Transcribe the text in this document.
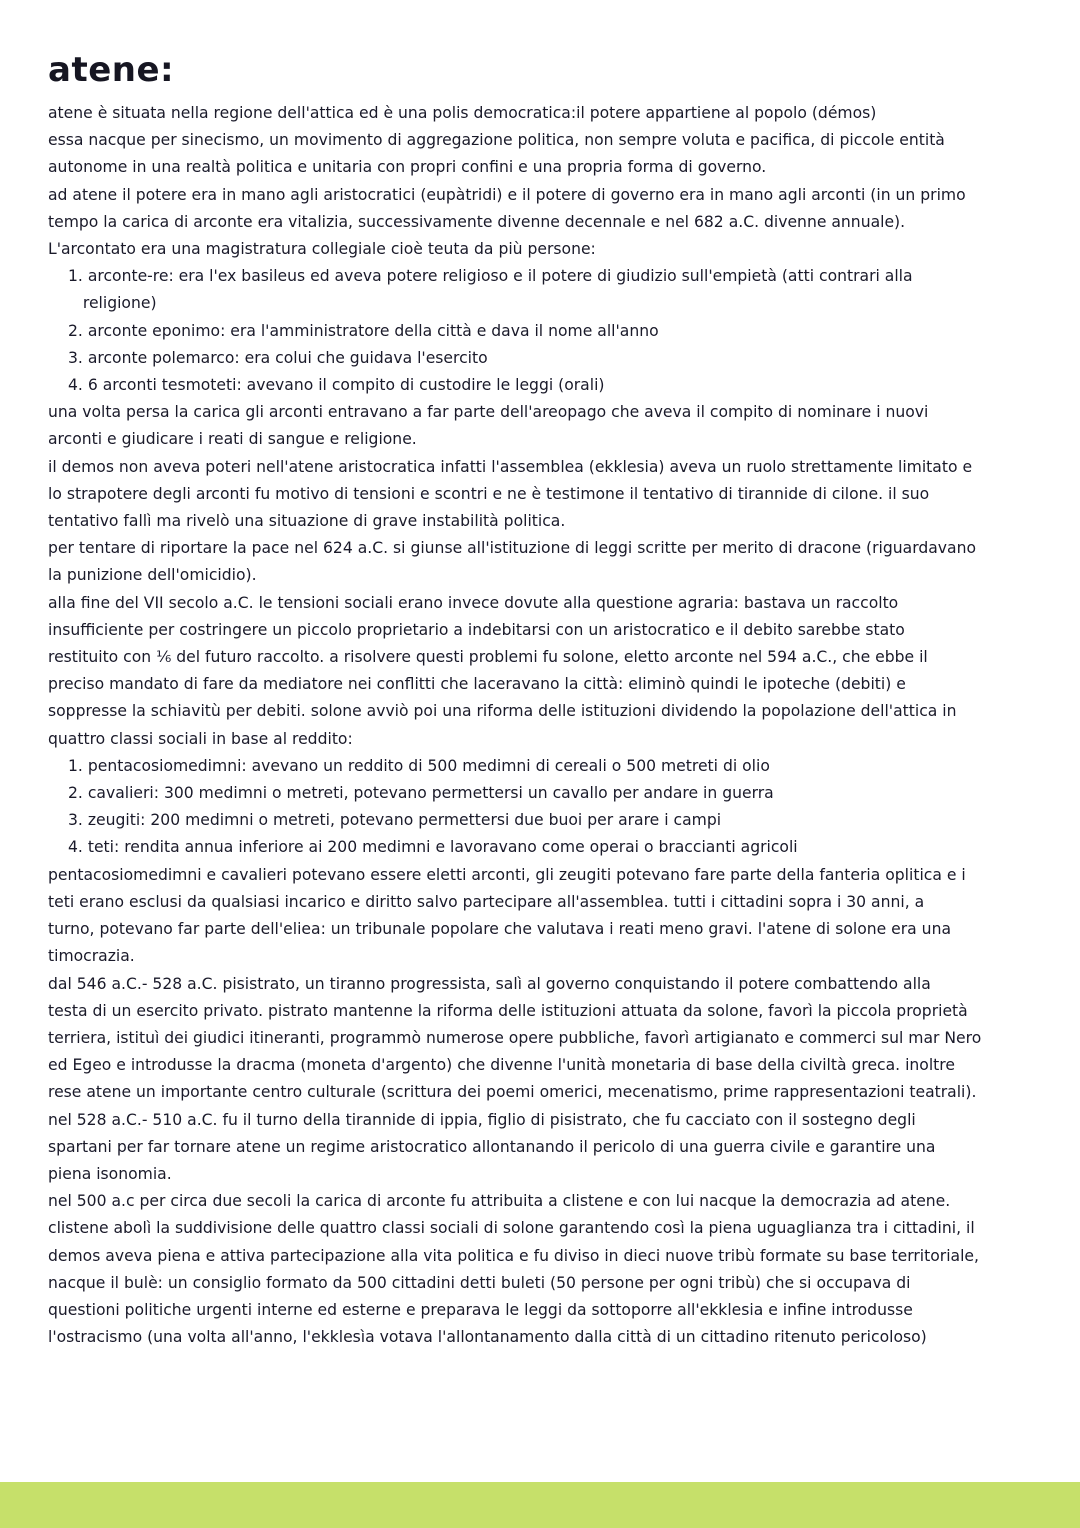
atene:
atene è situata nella regione dell'attica ed è una polis democratica:il potere appartiene al popolo (démos)
essa nacque per sinecismo, un movimento di aggregazione politica, non sempre voluta e pacifica, di piccole entità
autonome in una realtà politica e unitaria con propri confini e una propria forma di governo.
ad atene il potere era in mano agli aristocratici (eupàtridi) e il potere di governo era in mano agli arconti (in un primo
tempo la carica di arconte era vitalizia, successivamente divenne decennale e nel 682 a.C. divenne annuale).
L'arcontato era una magistratura collegiale cioè teuta da più persone:
1. arconte-re: era l'ex basileus ed aveva potere religioso e il potere di giudizio sull'empietà (atti contrari alla
religione)
2. arconte eponimo: era l'amministratore della città e dava il nome all'anno
3. arconte polemarco: era colui che guidava l'esercito
4. 6 arconti tesmoteti: avevano il compito di custodire le leggi (orali)
una volta persa la carica gli arconti entravano a far parte dell'areopago che aveva il compito di nominare i nuovi
arconti e giudicare i reati di sangue e religione.
il demos non aveva poteri nell'atene aristocratica infatti l'assemblea (ekklesia) aveva un ruolo strettamente limitato e
lo strapotere degli arconti fu motivo di tensioni e scontri e ne è testimone il tentativo di tirannide di cilone. il suo
tentativo fallì ma rivelò una situazione di grave instabilità politica.
per tentare di riportare la pace nel 624 a.C. si giunse all'istituzione di leggi scritte per merito di dracone (riguardavano
la punizione dell'omicidio).
alla fine del VII secolo a.C. le tensioni sociali erano invece dovute alla questione agraria: bastava un raccolto
insufficiente per costringere un piccolo proprietario a indebitarsi con un aristocratico e il debito sarebbe stato
restituito con ⅙ del futuro raccolto. a risolvere questi problemi fu solone, eletto arconte nel 594 a.C., che ebbe il
preciso mandato di fare da mediatore nei conflitti che laceravano la città: eliminò quindi le ipoteche (debiti) e
soppresse la schiavitù per debiti. solone avviò poi una riforma delle istituzioni dividendo la popolazione dell'attica in
quattro classi sociali in base al reddito:
1. pentacosiomedimni: avevano un reddito di 500 medimni di cereali o 500 metreti di olio
2. cavalieri: 300 medimni o metreti, potevano permettersi un cavallo per andare in guerra
3. zeugiti: 200 medimni o metreti, potevano permettersi due buoi per arare i campi
4. teti: rendita annua inferiore ai 200 medimni e lavoravano come operai o braccianti agricoli
pentacosiomedimni e cavalieri potevano essere eletti arconti, gli zeugiti potevano fare parte della fanteria oplitica e i
teti erano esclusi da qualsiasi incarico e diritto salvo partecipare all'assemblea. tutti i cittadini sopra i 30 anni, a
turno, potevano far parte dell'eliea: un tribunale popolare che valutava i reati meno gravi. l'atene di solone era una
timocrazia.
dal 546 a.C.- 528 a.C. pisistrato, un tiranno progressista, salì al governo conquistando il potere combattendo alla
testa di un esercito privato. pistrato mantenne la riforma delle istituzioni attuata da solone, favorì la piccola proprietà
terriera, istituì dei giudici itineranti, programmò numerose opere pubbliche, favorì artigianato e commerci sul mar Nero
ed Egeo e introdusse la dracma (moneta d'argento) che divenne l'unità monetaria di base della civiltà greca. inoltre
rese atene un importante centro culturale (scrittura dei poemi omerici, mecenatismo, prime rappresentazioni teatrali).
nel 528 a.C.- 510 a.C. fu il turno della tirannide di ippia, figlio di pisistrato, che fu cacciato con il sostegno degli
spartani per far tornare atene un regime aristocratico allontanando il pericolo di una guerra civile e garantire una
piena isonomia.
nel 500 a.c per circa due secoli la carica di arconte fu attribuita a clistene e con lui nacque la democrazia ad atene.
clistene abolì la suddivisione delle quattro classi sociali di solone garantendo così la piena uguaglianza tra i cittadini, il
demos aveva piena e attiva partecipazione alla vita politica e fu diviso in dieci nuove tribù formate su base territoriale,
nacque il bulè: un consiglio formato da 500 cittadini detti buleti (50 persone per ogni tribù) che si occupava di
questioni politiche urgenti interne ed esterne e preparava le leggi da sottoporre all'ekklesia e infine introdusse
l'ostracismo (una volta all'anno, l'ekklesìa votava l'allontanamento dalla città di un cittadino ritenuto pericoloso)
